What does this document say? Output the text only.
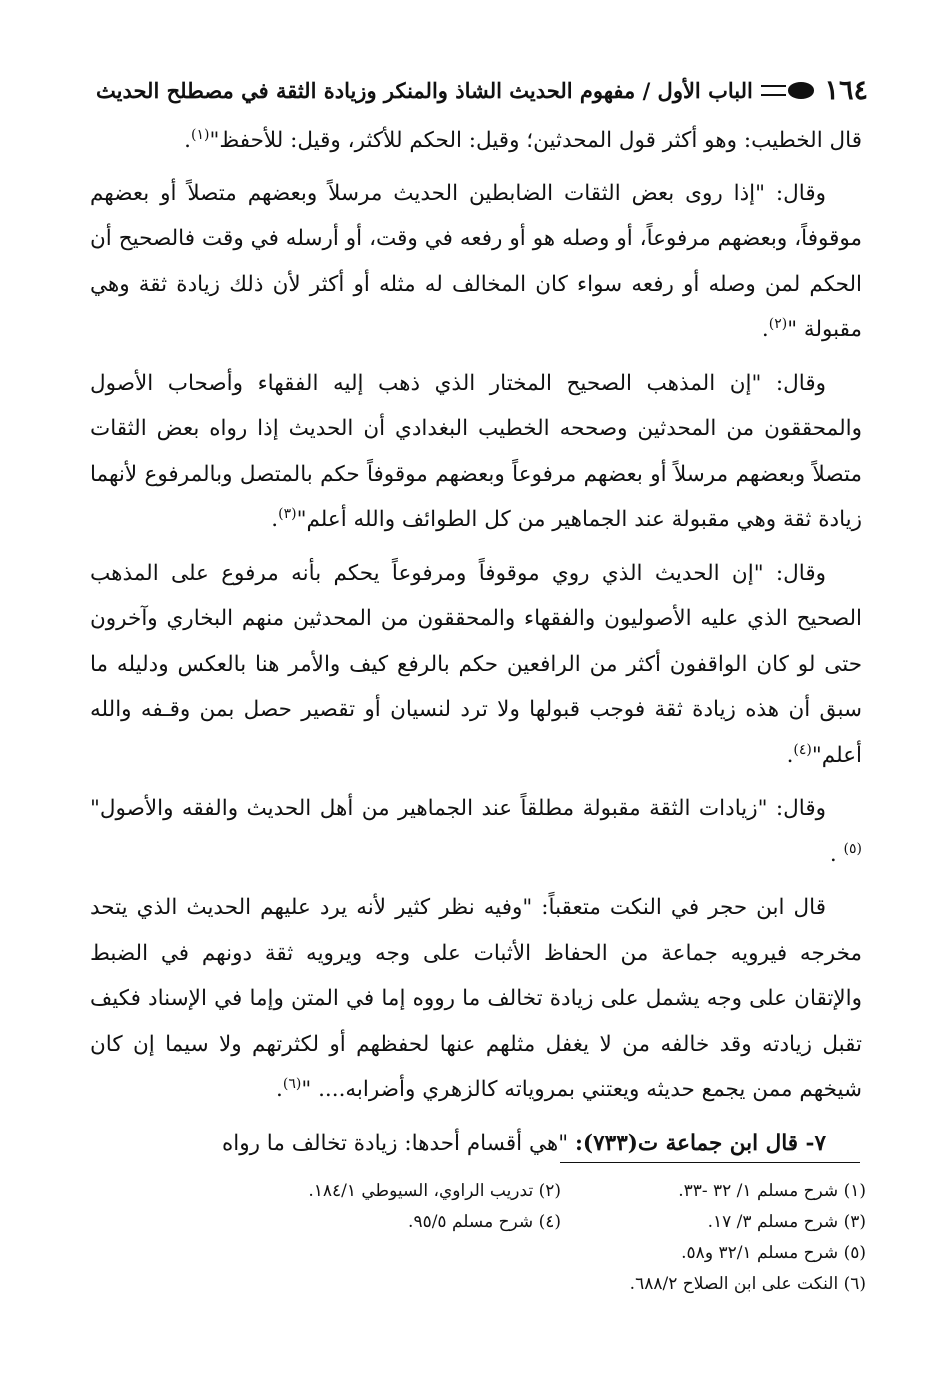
١٦٤
الباب الأول / مفهوم الحديث الشاذ والمنكر وزيادة الثقة في مصطلح الحديث

قال الخطيب: وهو أكثر قول المحدثين؛ وقيل: الحكم للأكثر، وقيل: للأحفظ"$^{(١)}$.

وقال: "إذا روى بعض الثقات الضابطين الحديث مرسلاً وبعضهم متصلاً أو بعضهم موقوفاً، وبعضهم مرفوعاً، أو وصله هو أو رفعه في وقت، أو أرسله في وقت فالصحيح أن الحكم لمن وصله أو رفعه سواء كان المخالف له مثله أو أكثر لأن ذلك زيادة ثقة وهي مقبولة "$^{(٢)}$.

وقال: "إن المذهب الصحيح المختار الذي ذهب إليه الفقهاء وأصحاب الأصول والمحققون من المحدثين وصححه الخطيب البغدادي أن الحديث إذا رواه بعض الثقات متصلاً وبعضهم مرسلاً أو بعضهم مرفوعاً وبعضهم موقوفاً حكم بالمتصل وبالمرفوع لأنهما زيادة ثقة وهي مقبولة عند الجماهير من كل الطوائف والله أعلم"$^{(٣)}$.

وقال: "إن الحديث الذي روي موقوفاً ومرفوعاً يحكم بأنه مرفوع على المذهب الصحيح الذي عليه الأصوليون والفقهاء والمحققون من المحدثين منهم البخاري وآخرون حتى لو كان الواقفون أكثر من الرافعين حكم بالرفع كيف والأمر هنا بالعكس ودليله ما سبق أن هذه زيادة ثقة فوجب قبولها ولا ترد لنسيان أو تقصير حصل بمن وقـفه والله أعلم"$^{(٤)}$.

وقال: "زيادات الثقة مقبولة مطلقاً عند الجماهير من أهل الحديث والفقه والأصول"$^{(٥)}$ .

قال ابن حجر في النكت متعقباً: "وفيه نظر كثير لأنه يرد عليهم الحديث الذي يتحد مخرجه فيرويه جماعة من الحفاظ الأثبات على وجه ويرويه ثقة دونهم في الضبط والإتقان على وجه يشمل على زيادة تخالف ما رووه إما في المتن وإما في الإسناد فكيف تقبل زيادته وقد خالفه من لا يغفل مثلهم عنها لحفظهم أو لكثرتهم ولا سيما إن كان شيخهم ممن يجمع حديثه ويعتني بمروياته كالزهري وأضرابه.... "$^{(٦)}$.

٧- قال ابن جماعة ت(٧٣٣): "هي أقسام أحدها: زيادة تخالف ما رواه

(١) شرح مسلم ١/ ٣٢ -٣٣.
(٢) تدريب الراوي، السيوطي ١٨٤/١.
(٣) شرح مسلم ٣/ ١٧.
(٤) شرح مسلم ٩٥/٥.
(٥) شرح مسلم ٣٢/١ و٥٨.
(٦) النكت على ابن الصلاح ٦٨٨/٢.
